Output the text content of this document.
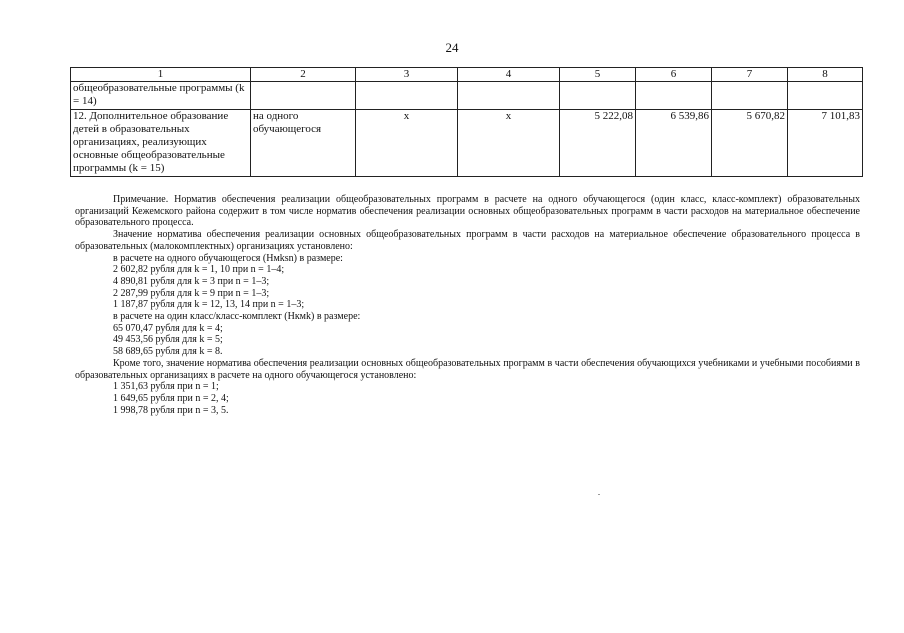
24
1	2	3	4	5	6	7	8
общеобразовательные программы (k = 14)							
12. Дополнительное образование детей в образовательных организациях, реализующих основные общеобразовательные программы (k = 15)	на одного обучающегося	х	х	5 222,08	6 539,86	5 670,82	7 101,83

Примечание. Норматив обеспечения реализации общеобразовательных программ в расчете на одного обучающегося (один класс, класс-комплект) образовательных организаций Кежемского района содержит в том числе норматив обеспечения реализации основных общеобразовательных программ в части расходов на материальное обеспечение образовательного процесса.

Значение норматива обеспечения реализации основных общеобразовательных программ в части расходов на материальное обеспечение образовательного процесса в образовательных (малокомплектных) организациях установлено:

в расчете на одного обучающегося (Нмksn) в размере:

2 602,82 рубля для k = 1, 10 при n = 1–4;

4 890,81 рубля для k = 3 при n = 1–3;

2 287,99 рубля для k = 9 при n = 1–3;

1 187,87 рубля для k = 12, 13, 14 при n = 1–3;

в расчете на один класс/класс-комплект (Нкмk) в размере:

65 070,47 рубля для k = 4;

49 453,56 рубля для k = 5;

58 689,65 рубля для k = 8.

Кроме того, значение норматива обеспечения реализации основных общеобразовательных программ в части обеспечения обучающихся учебниками и учебными пособиями в образовательных организациях в расчете на одного обучающегося установлено:

1 351,63 рубля при n = 1;

1 649,65 рубля при n = 2, 4;

1 998,78 рубля при n = 3, 5.
